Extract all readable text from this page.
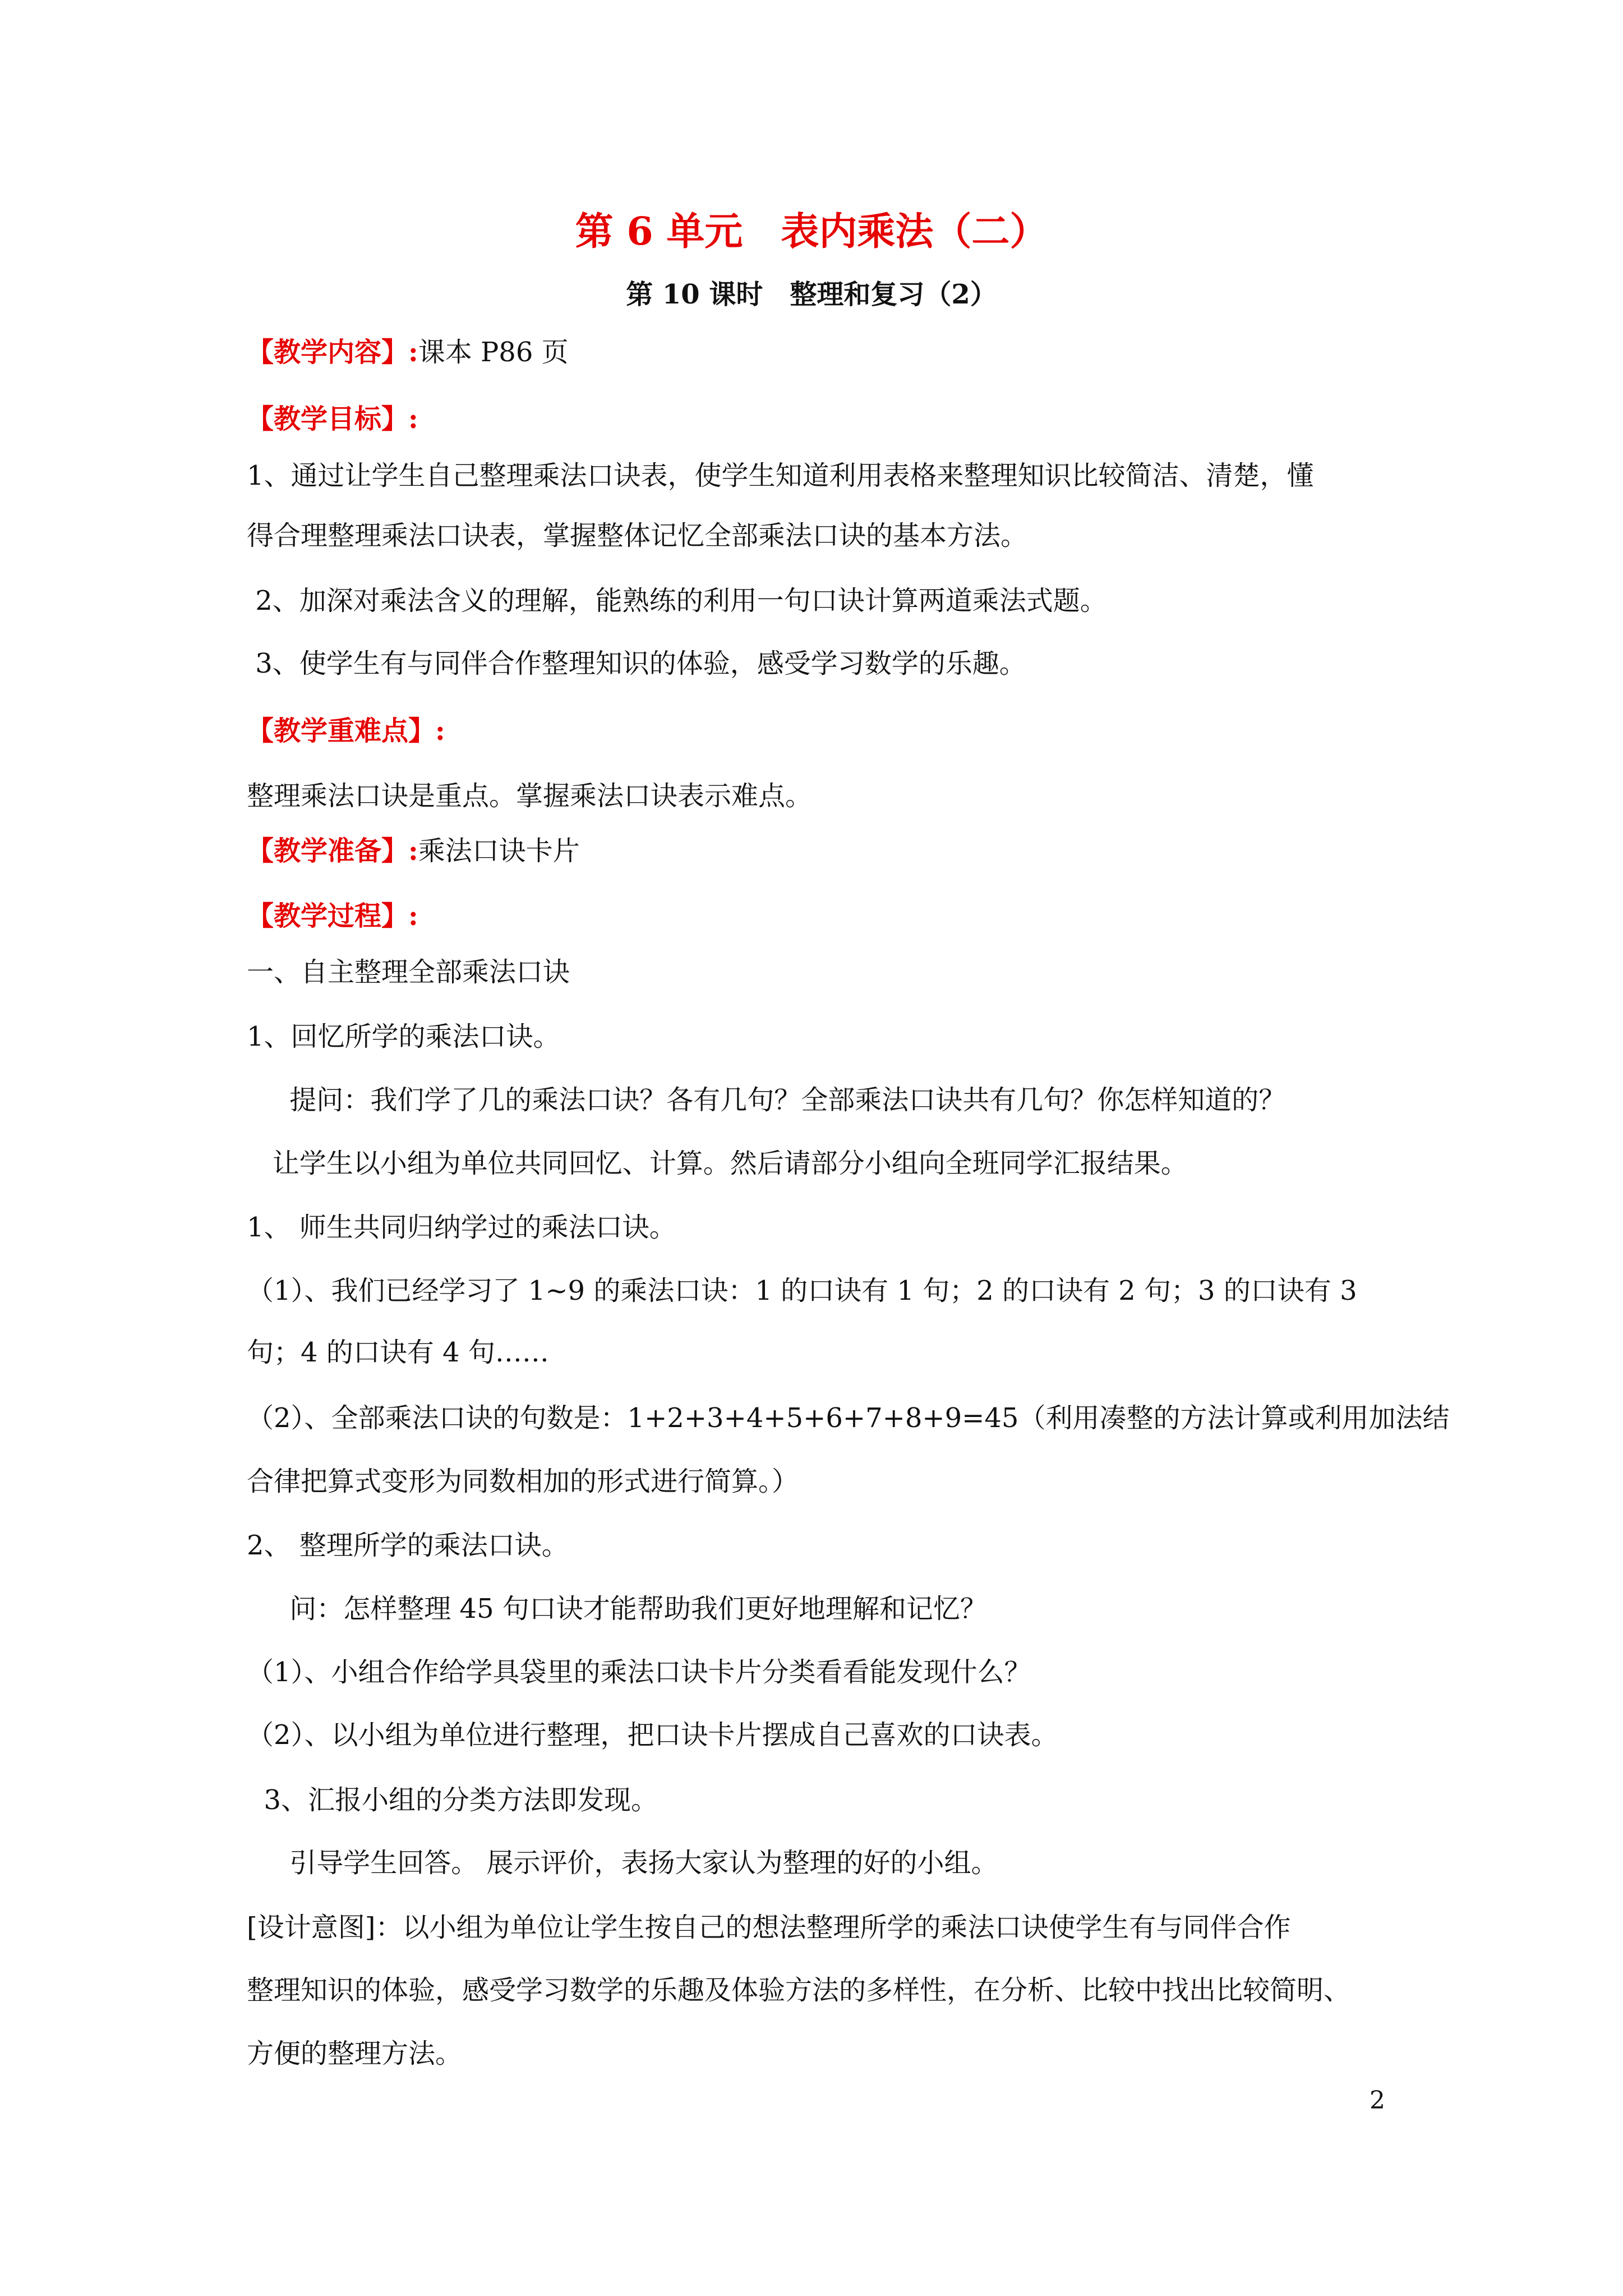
第 6 单元　表内乘法（二）
第 10 课时　整理和复习（2）
【教学内容】:课本 P86 页
【教学目标】:
1、通过让学生自己整理乘法口诀表，使学生知道利用表格来整理知识比较简洁、清楚，懂
得合理整理乘法口诀表，掌握整体记忆全部乘法口诀的基本方法。
2、加深对乘法含义的理解，能熟练的利用一句口诀计算两道乘法式题。
3、使学生有与同伴合作整理知识的体验，感受学习数学的乐趣。
【教学重难点】:
整理乘法口诀是重点。掌握乘法口诀表示难点。
【教学准备】:乘法口诀卡片
【教学过程】:
一、自主整理全部乘法口诀
1、回忆所学的乘法口诀。
提问：我们学了几的乘法口诀？各有几句？全部乘法口诀共有几句？你怎样知道的？
让学生以小组为单位共同回忆、计算。然后请部分小组向全班同学汇报结果。
1、 师生共同归纳学过的乘法口诀。
（1）、我们已经学习了 1~9 的乘法口诀：1 的口诀有 1 句；2 的口诀有 2 句；3 的口诀有 3
句；4 的口诀有 4 句……
（2）、全部乘法口诀的句数是：1+2+3+4+5+6+7+8+9=45（利用凑整的方法计算或利用加法结
合律把算式变形为同数相加的形式进行简算。）
2、 整理所学的乘法口诀。
问：怎样整理 45 句口诀才能帮助我们更好地理解和记忆？
（1）、小组合作给学具袋里的乘法口诀卡片分类看看能发现什么？
（2）、以小组为单位进行整理，把口诀卡片摆成自己喜欢的口诀表。
3、汇报小组的分类方法即发现。
引导学生回答。 展示评价，表扬大家认为整理的好的小组。
[设计意图]：以小组为单位让学生按自己的想法整理所学的乘法口诀使学生有与同伴合作
整理知识的体验，感受学习数学的乐趣及体验方法的多样性，在分析、比较中找出比较简明、
方便的整理方法。
2
